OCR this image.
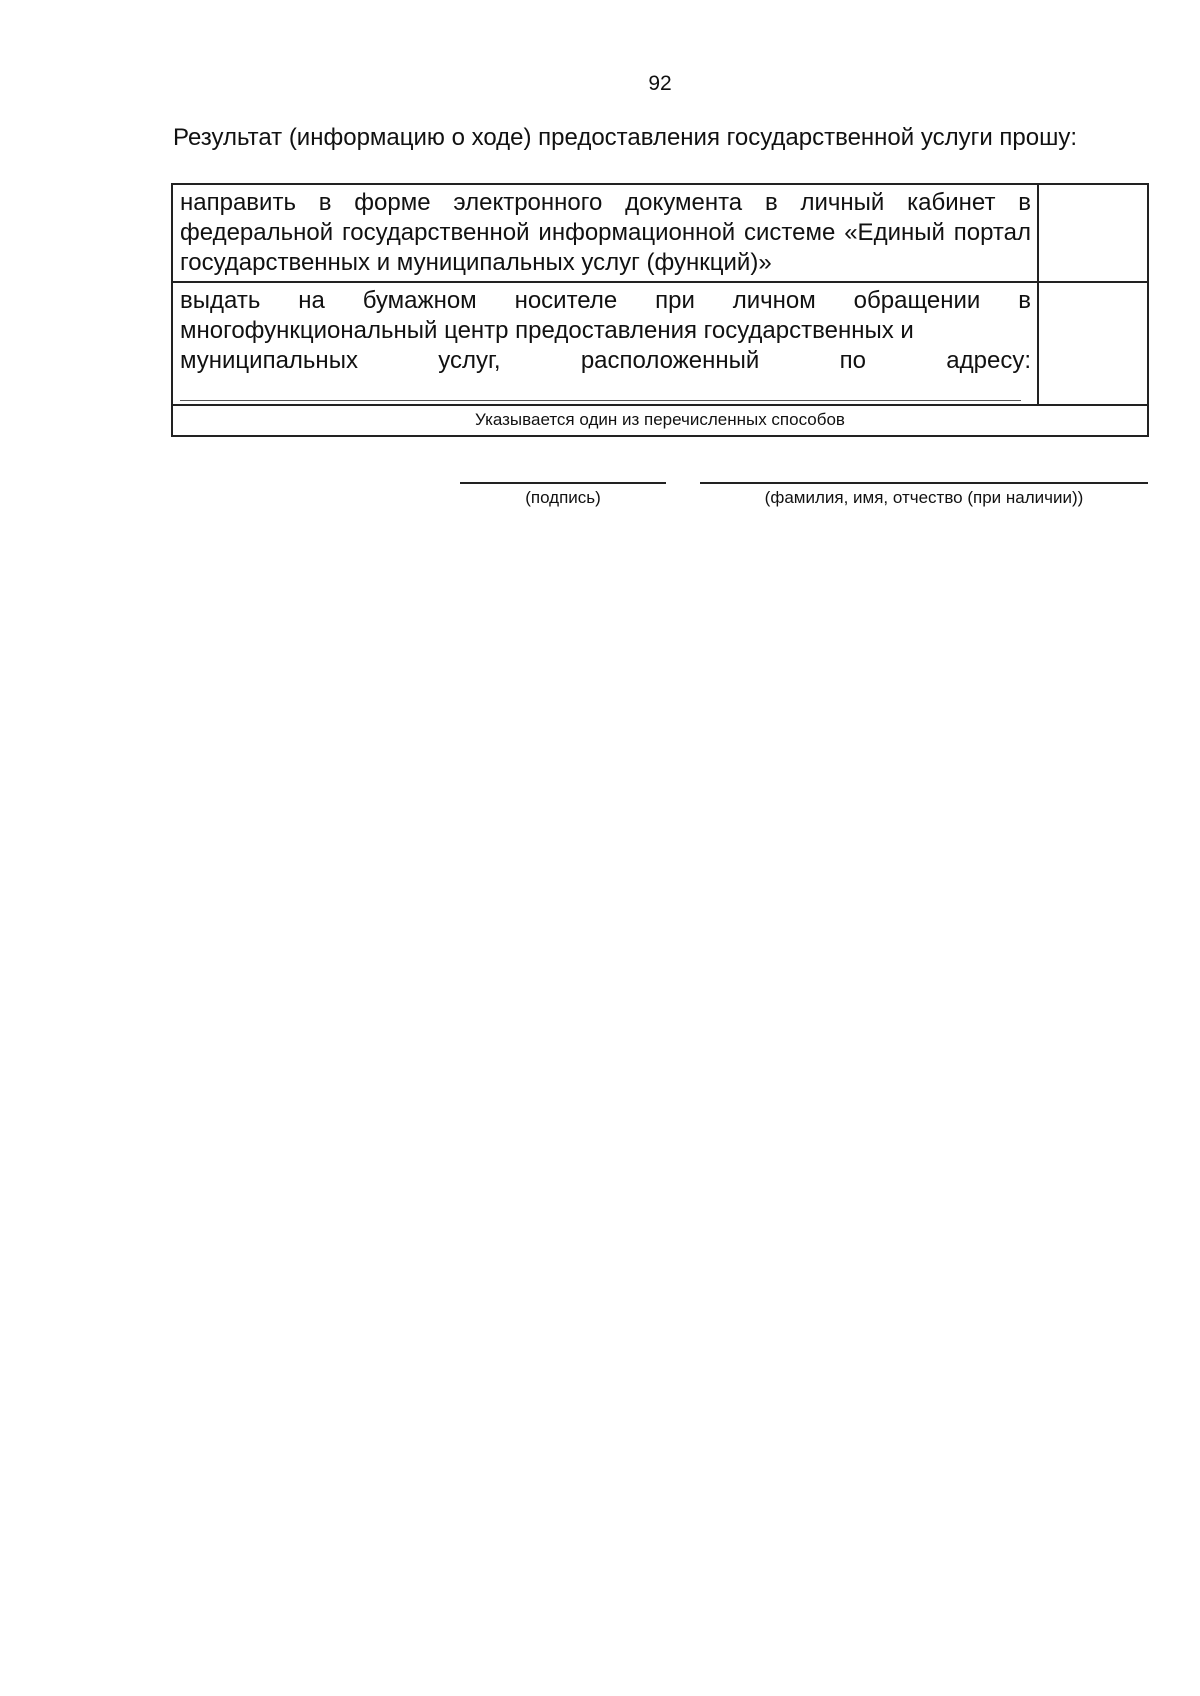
92
Результат (информацию о ходе) предоставления государственной услуги прошу:
направить в форме электронного документа в личный кабинет в федеральной государственной информационной системе «Единый портал государственных и муниципальных услуг (функций)»	
выдать на бумажном носителе при личном обращении в многофункциональный центр предоставления государственных и
муниципальных услуг, расположенный по адресу:	

Указывается один из перечисленных способов	
(подпись)	(фамилия, имя, отчество (при наличии))
